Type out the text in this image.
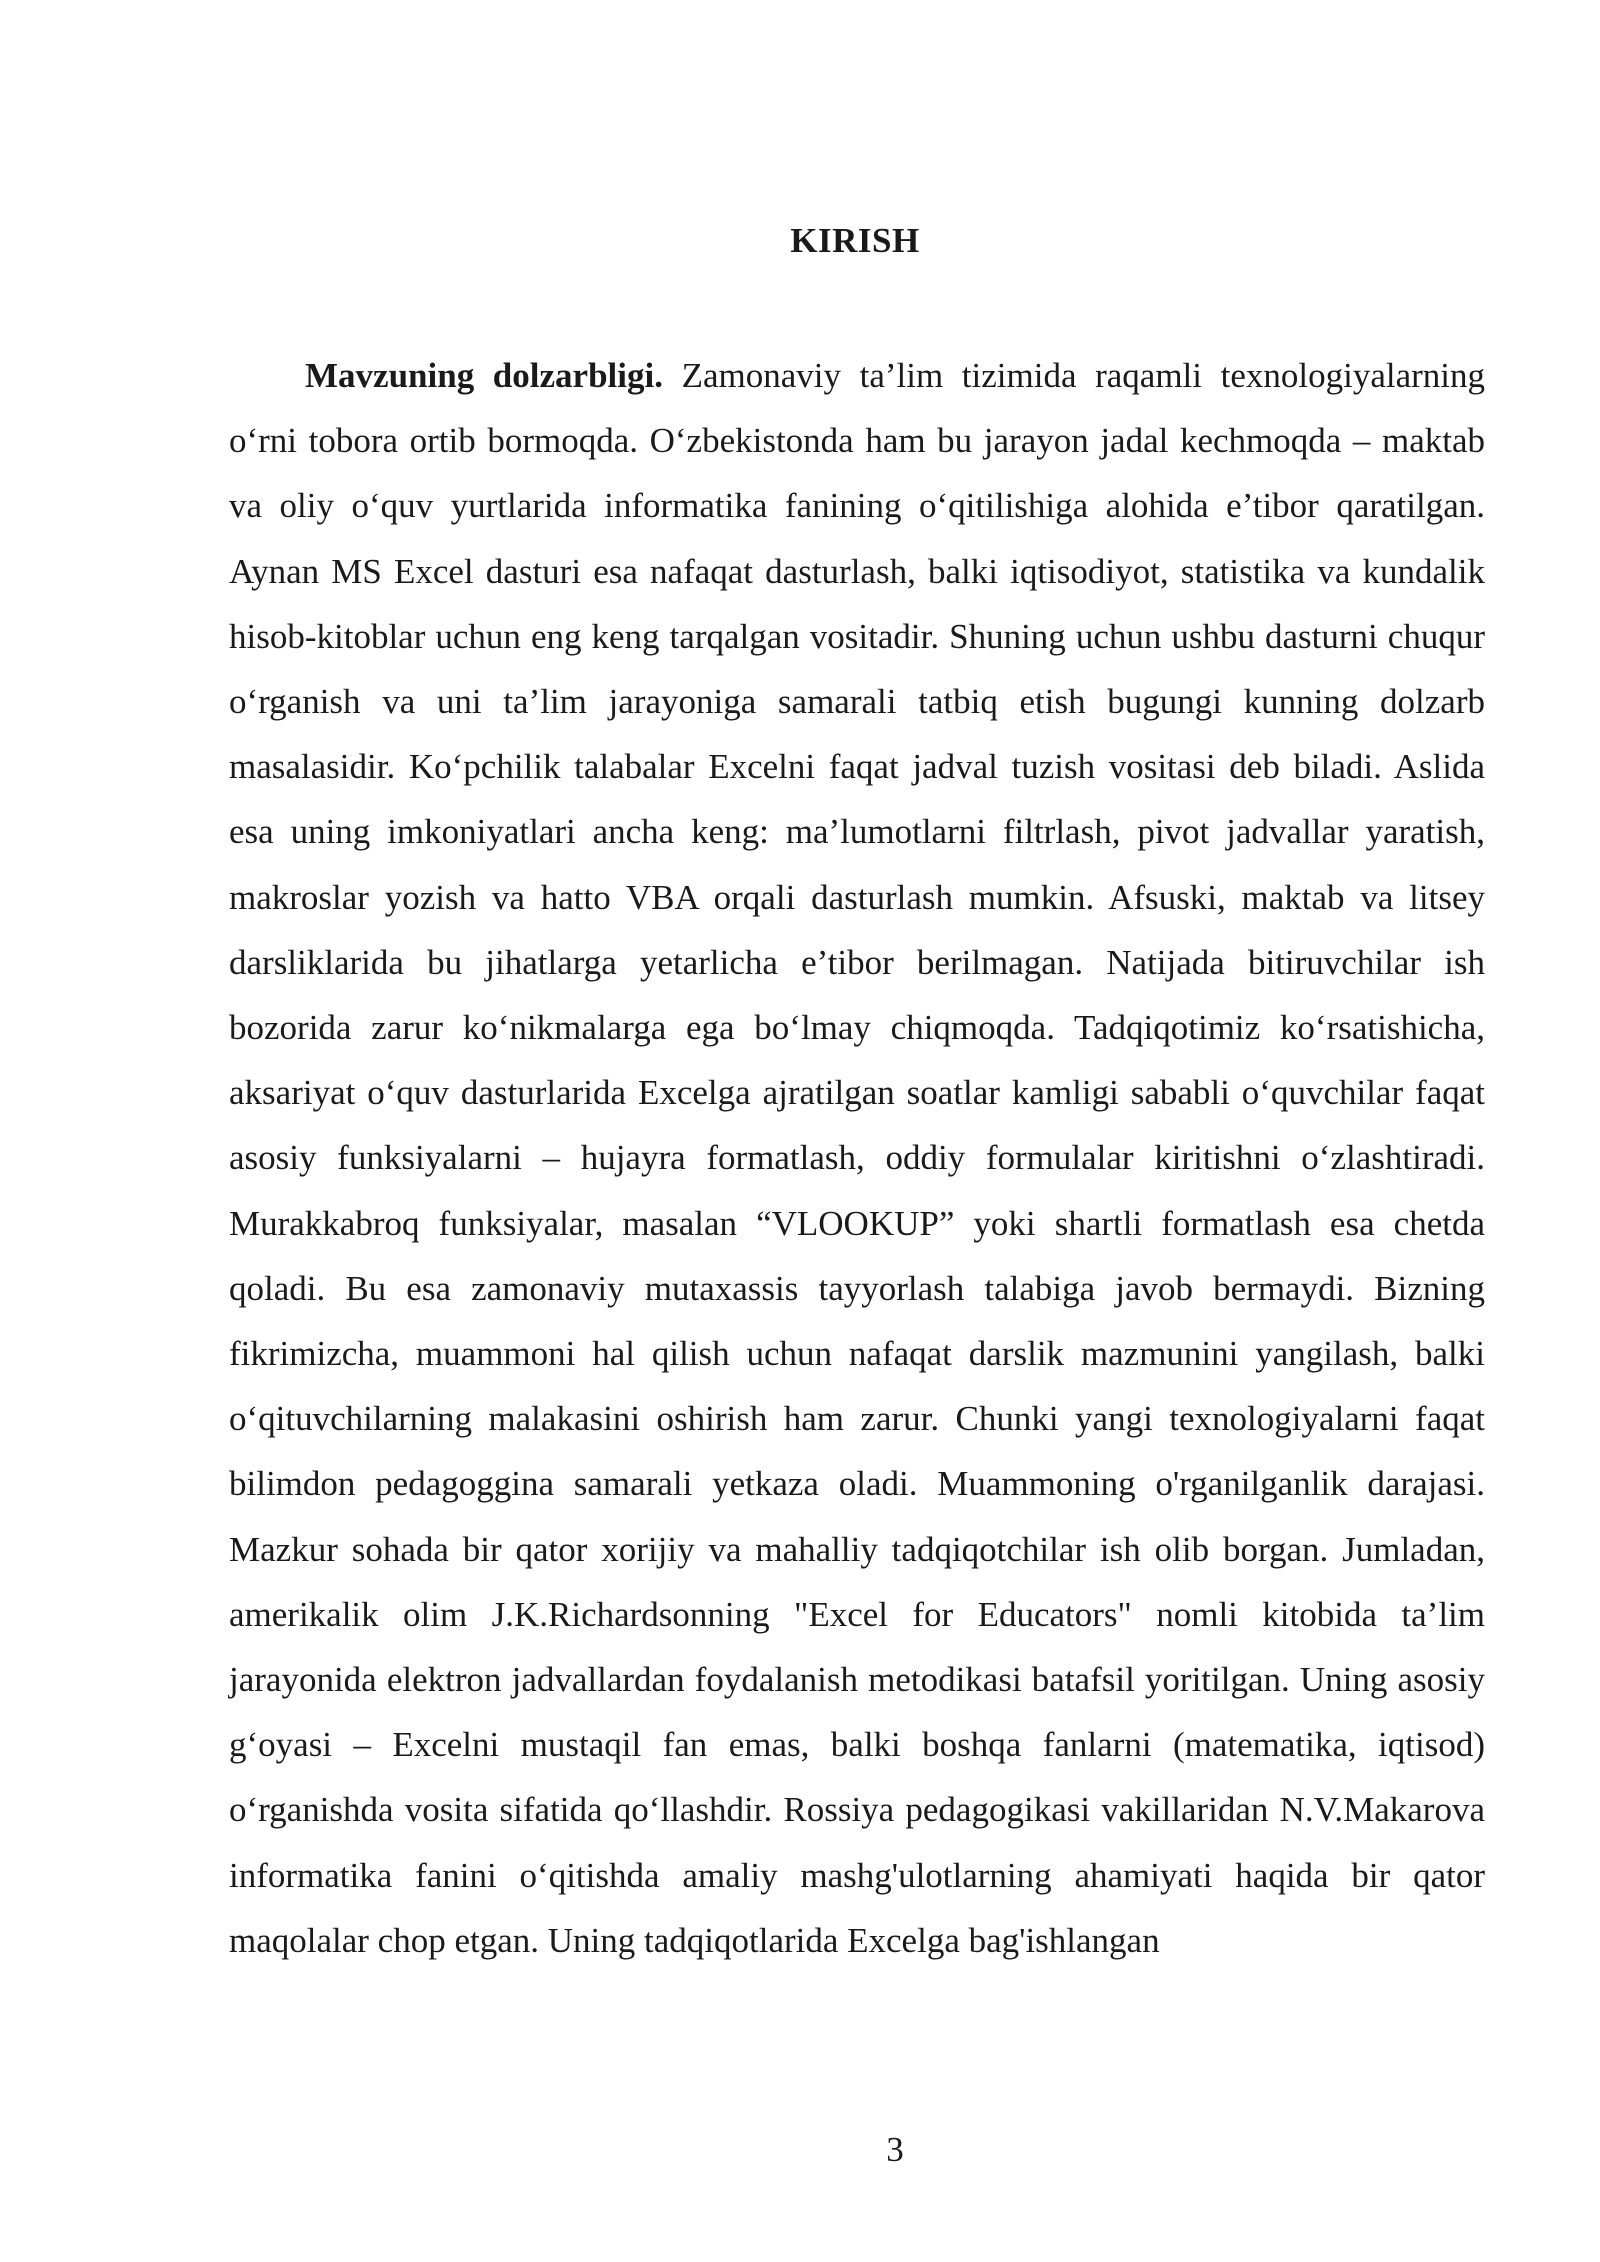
KIRISH

Mavzuning dolzarbligi. Zamonaviy ta’lim tizimida raqamli texnologiyalarning o‘rni tobora ortib bormoqda. O‘zbekistonda ham bu jarayon jadal kechmoqda – maktab va oliy o‘quv yurtlarida informatika fanining o‘qitilishiga alohida e’tibor qaratilgan. Aynan MS Excel dasturi esa nafaqat dasturlash, balki iqtisodiyot, statistika va kundalik hisob-kitoblar uchun eng keng tarqalgan vositadir. Shuning uchun ushbu dasturni chuqur o‘rganish va uni ta’lim jarayoniga samarali tatbiq etish bugungi kunning dolzarb masalasidir. Ko‘pchilik talabalar Excelni faqat jadval tuzish vositasi deb biladi. Aslida esa uning imkoniyatlari ancha keng: ma’lumotlarni filtrlash, pivot jadvallar yaratish, makroslar yozish va hatto VBA orqali dasturlash mumkin. Afsuski, maktab va litsey darsliklarida bu jihatlarga yetarlicha e’tibor berilmagan. Natijada bitiruvchilar ish bozorida zarur ko‘nikmalarga ega bo‘lmay chiqmoqda. Tadqiqotimiz ko‘rsatishicha, aksariyat o‘quv dasturlarida Excelga ajratilgan soatlar kamligi sababli o‘quvchilar faqat asosiy funksiyalarni – hujayra formatlash, oddiy formulalar kiritishni o‘zlashtiradi. Murakkabroq funksiyalar, masalan “VLOOKUP” yoki shartli formatlash esa chetda qoladi. Bu esa zamonaviy mutaxassis tayyorlash talabiga javob bermaydi. Bizning fikrimizcha, muammoni hal qilish uchun nafaqat darslik mazmunini yangilash, balki o‘qituvchilarning malakasini oshirish ham zarur. Chunki yangi texnologiyalarni faqat bilimdon pedagoggina samarali yetkaza oladi. Muammoning o'rganilganlik darajasi. Mazkur sohada bir qator xorijiy va mahalliy tadqiqotchilar ish olib borgan. Jumladan, amerikalik olim J.K.Richardsonning "Excel for Educators" nomli kitobida ta’lim jarayonida elektron jadvallardan foydalanish metodikasi batafsil yoritilgan. Uning asosiy g‘oyasi – Excelni mustaqil fan emas, balki boshqa fanlarni (matematika, iqtisod) o‘rganishda vosita sifatida qo‘llashdir. Rossiya pedagogikasi vakillaridan N.V.Makarova informatika fanini o‘qitishda amaliy mashg'ulotlarning ahamiyati haqida bir qator maqolalar chop etgan. Uning tadqiqotlarida Excelga bag'ishlangan

3
